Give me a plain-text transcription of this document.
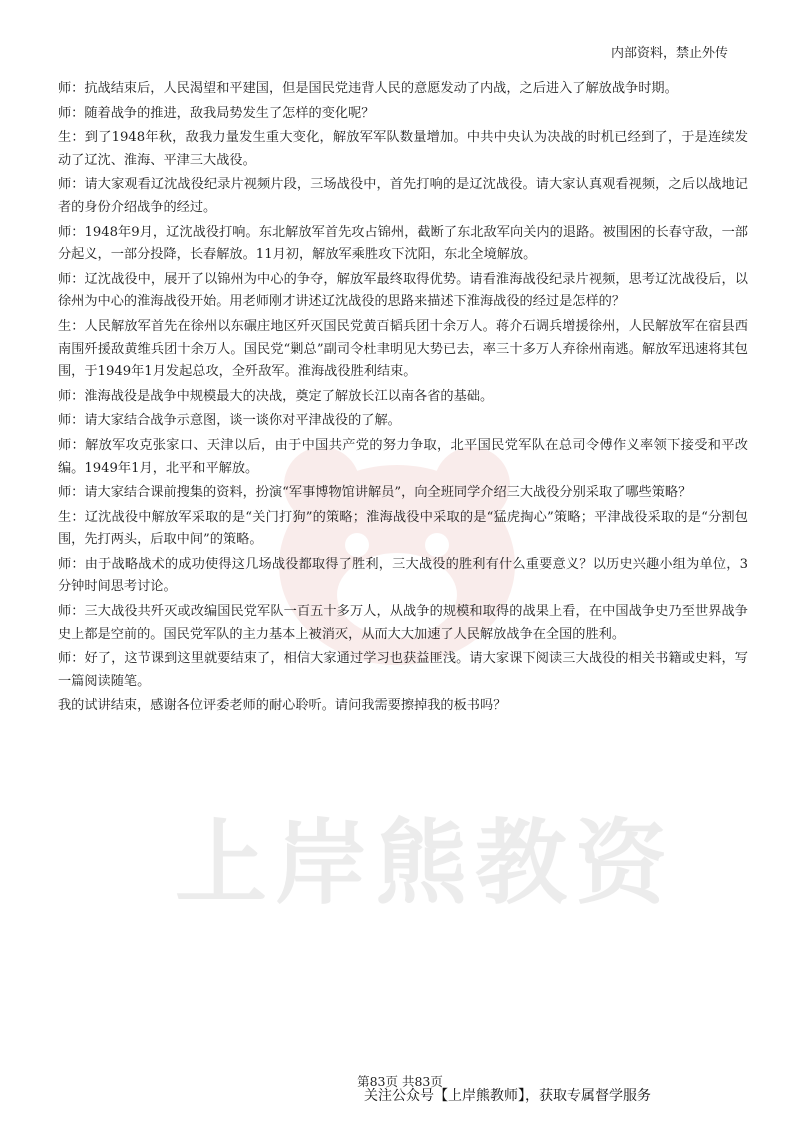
上岸熊教资
内部资料，禁止外传

师：抗战结束后，人民渴望和平建国，但是国民党违背人民的意愿发动了内战，之后进入了解放战争时期。

师：随着战争的推进，敌我局势发生了怎样的变化呢？

生：到了1948年秋，敌我力量发生重大变化，解放军军队数量增加。中共中央认为决战的时机已经到了，于是连续发动了辽沈、淮海、平津三大战役。

师：请大家观看辽沈战役纪录片视频片段，三场战役中，首先打响的是辽沈战役。请大家认真观看视频，之后以战地记者的身份介绍战争的经过。

师：1948年9月，辽沈战役打响。东北解放军首先攻占锦州，截断了东北敌军向关内的退路。被围困的长春守敌，一部分起义，一部分投降，长春解放。11月初，解放军乘胜攻下沈阳，东北全境解放。

师：辽沈战役中，展开了以锦州为中心的争夺，解放军最终取得优势。请看淮海战役纪录片视频，思考辽沈战役后，以徐州为中心的淮海战役开始。用老师刚才讲述辽沈战役的思路来描述下淮海战役的经过是怎样的？

生：人民解放军首先在徐州以东碾庄地区歼灭国民党黄百韬兵团十余万人。蒋介石调兵增援徐州，人民解放军在宿县西南围歼援敌黄维兵团十余万人。国民党“剿总”副司令杜聿明见大势已去，率三十多万人弃徐州南逃。解放军迅速将其包围，于1949年1月发起总攻，全歼敌军。淮海战役胜利结束。

师：淮海战役是战争中规模最大的决战，奠定了解放长江以南各省的基础。

师：请大家结合战争示意图，谈一谈你对平津战役的了解。

师：解放军攻克张家口、天津以后，由于中国共产党的努力争取，北平国民党军队在总司令傅作义率领下接受和平改编。1949年1月，北平和平解放。

师：请大家结合课前搜集的资料，扮演“军事博物馆讲解员”，向全班同学介绍三大战役分别采取了哪些策略？

生：辽沈战役中解放军采取的是“关门打狗”的策略；淮海战役中采取的是“猛虎掏心”策略；平津战役采取的是“分割包围，先打两头，后取中间”的策略。

师：由于战略战术的成功使得这几场战役都取得了胜利，三大战役的胜利有什么重要意义？以历史兴趣小组为单位，3分钟时间思考讨论。

师：三大战役共歼灭或改编国民党军队一百五十多万人，从战争的规模和取得的战果上看，在中国战争史乃至世界战争史上都是空前的。国民党军队的主力基本上被消灭，从而大大加速了人民解放战争在全国的胜利。

师：好了，这节课到这里就要结束了，相信大家通过学习也获益匪浅。请大家课下阅读三大战役的相关书籍或史料，写一篇阅读随笔。

我的试讲结束，感谢各位评委老师的耐心聆听。请问我需要擦掉我的板书吗？

第83页 共83页
关注公众号【上岸熊教师】，获取专属督学服务
